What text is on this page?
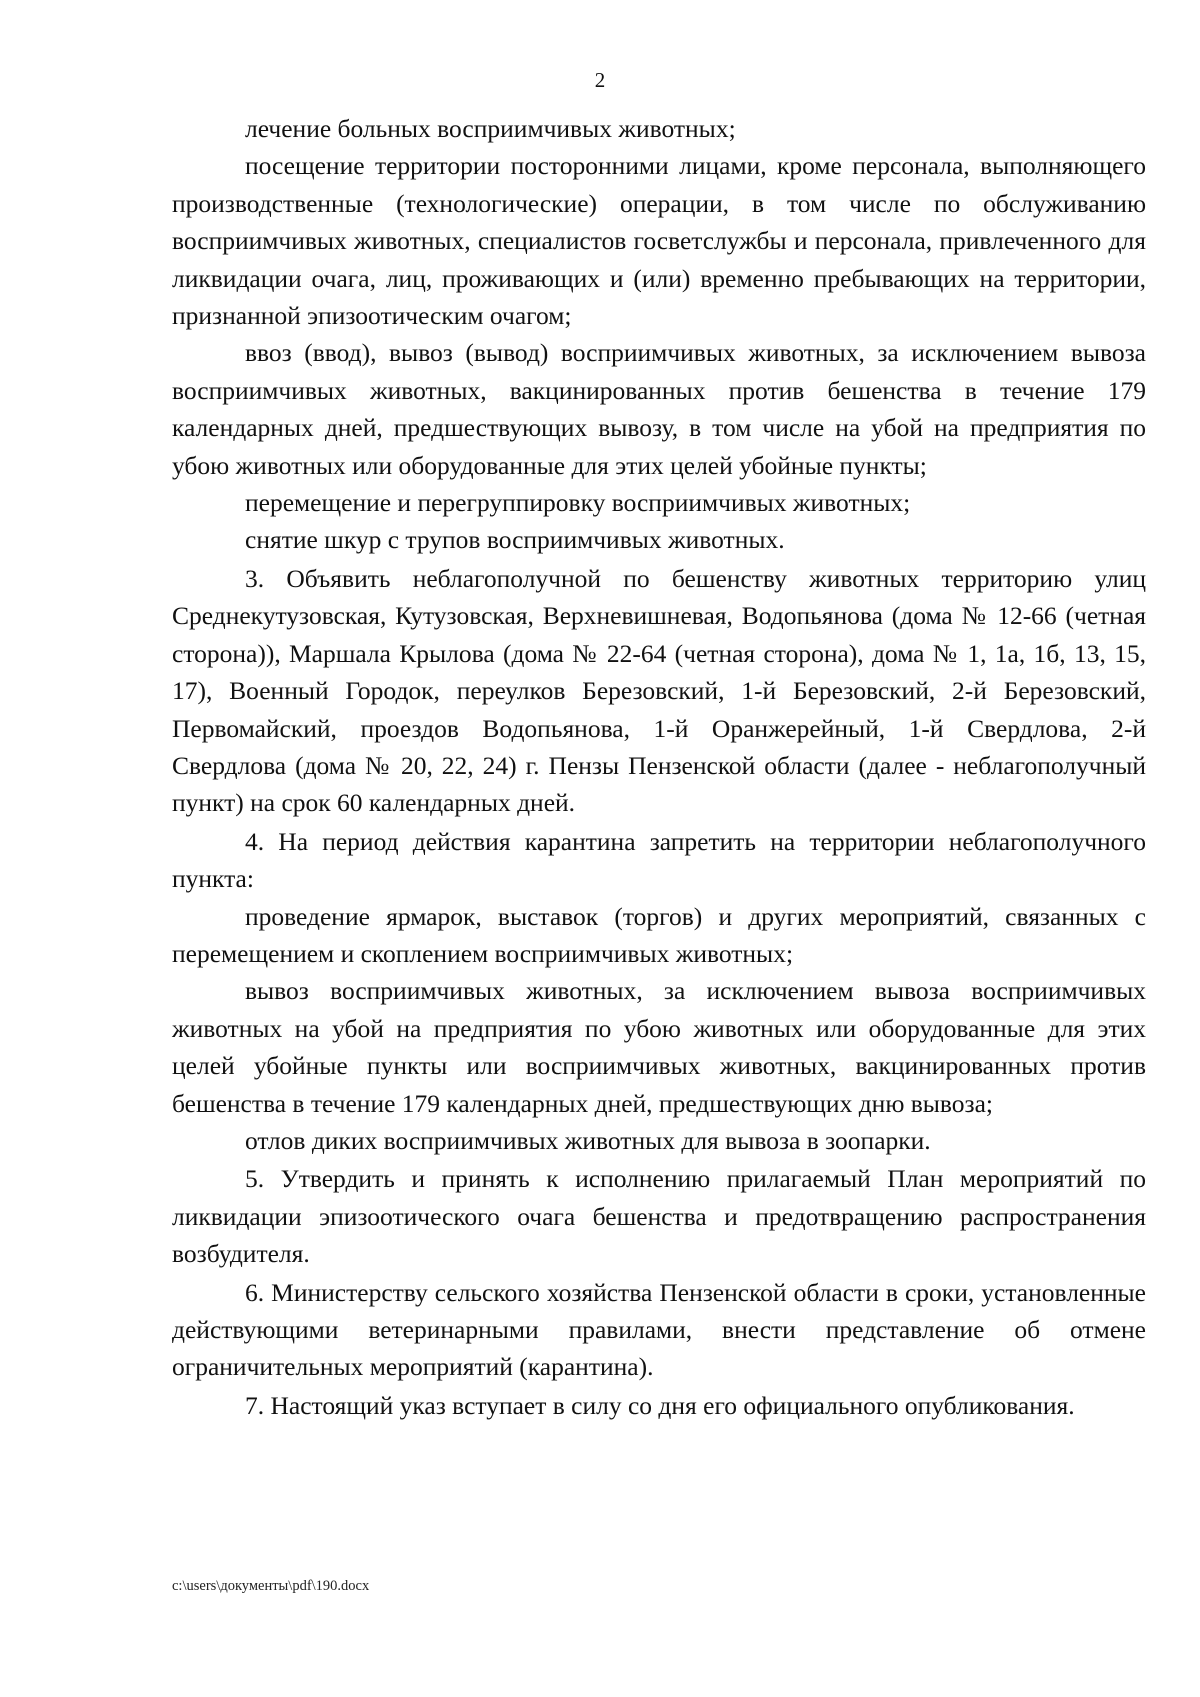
2

лечение больных восприимчивых животных;

посещение территории посторонними лицами, кроме персонала, выполняющего производственные (технологические) операции, в том числе по обслуживанию восприимчивых животных, специалистов госветслужбы и персонала, привлеченного для ликвидации очага, лиц, проживающих и (или) временно пребывающих на территории, признанной эпизоотическим очагом;

ввоз (ввод), вывоз (вывод) восприимчивых животных, за исключением вывоза восприимчивых животных, вакцинированных против бешенства в течение 179 календарных дней, предшествующих вывозу, в том числе на убой на предприятия по убою животных или оборудованные для этих целей убойные пункты;

перемещение и перегруппировку восприимчивых животных;

снятие шкур с трупов восприимчивых животных.

3. Объявить неблагополучной по бешенству животных территорию улиц Среднекутузовская, Кутузовская, Верхневишневая, Водопьянова (дома № 12-66 (четная сторона)), Маршала Крылова (дома № 22-64 (четная сторона), дома № 1, 1а, 1б, 13, 15, 17), Военный Городок, переулков Березовский, 1-й Березовский, 2-й Березовский, Первомайский, проездов Водопьянова, 1-й Оранжерейный, 1-й Свердлова, 2-й Свердлова (дома № 20, 22, 24) г. Пензы Пензенской области (далее - неблагополучный пункт) на срок 60 календарных дней.

4. На период действия карантина запретить на территории неблагополучного пункта:

проведение ярмарок, выставок (торгов) и других мероприятий, связанных с перемещением и скоплением восприимчивых животных;

вывоз восприимчивых животных, за исключением вывоза восприимчивых животных на убой на предприятия по убою животных или оборудованные для этих целей убойные пункты или восприимчивых животных, вакцинированных против бешенства в течение 179 календарных дней, предшествующих дню вывоза;

отлов диких восприимчивых животных для вывоза в зоопарки.

5. Утвердить и принять к исполнению прилагаемый План мероприятий по ликвидации эпизоотического очага бешенства и предотвращению распространения возбудителя.

6. Министерству сельского хозяйства Пензенской области в сроки, установленные действующими ветеринарными правилами, внести представление об отмене ограничительных мероприятий (карантина).

7. Настоящий указ вступает в силу со дня его официального опубликования.

c:\users\документы\pdf\190.docx
